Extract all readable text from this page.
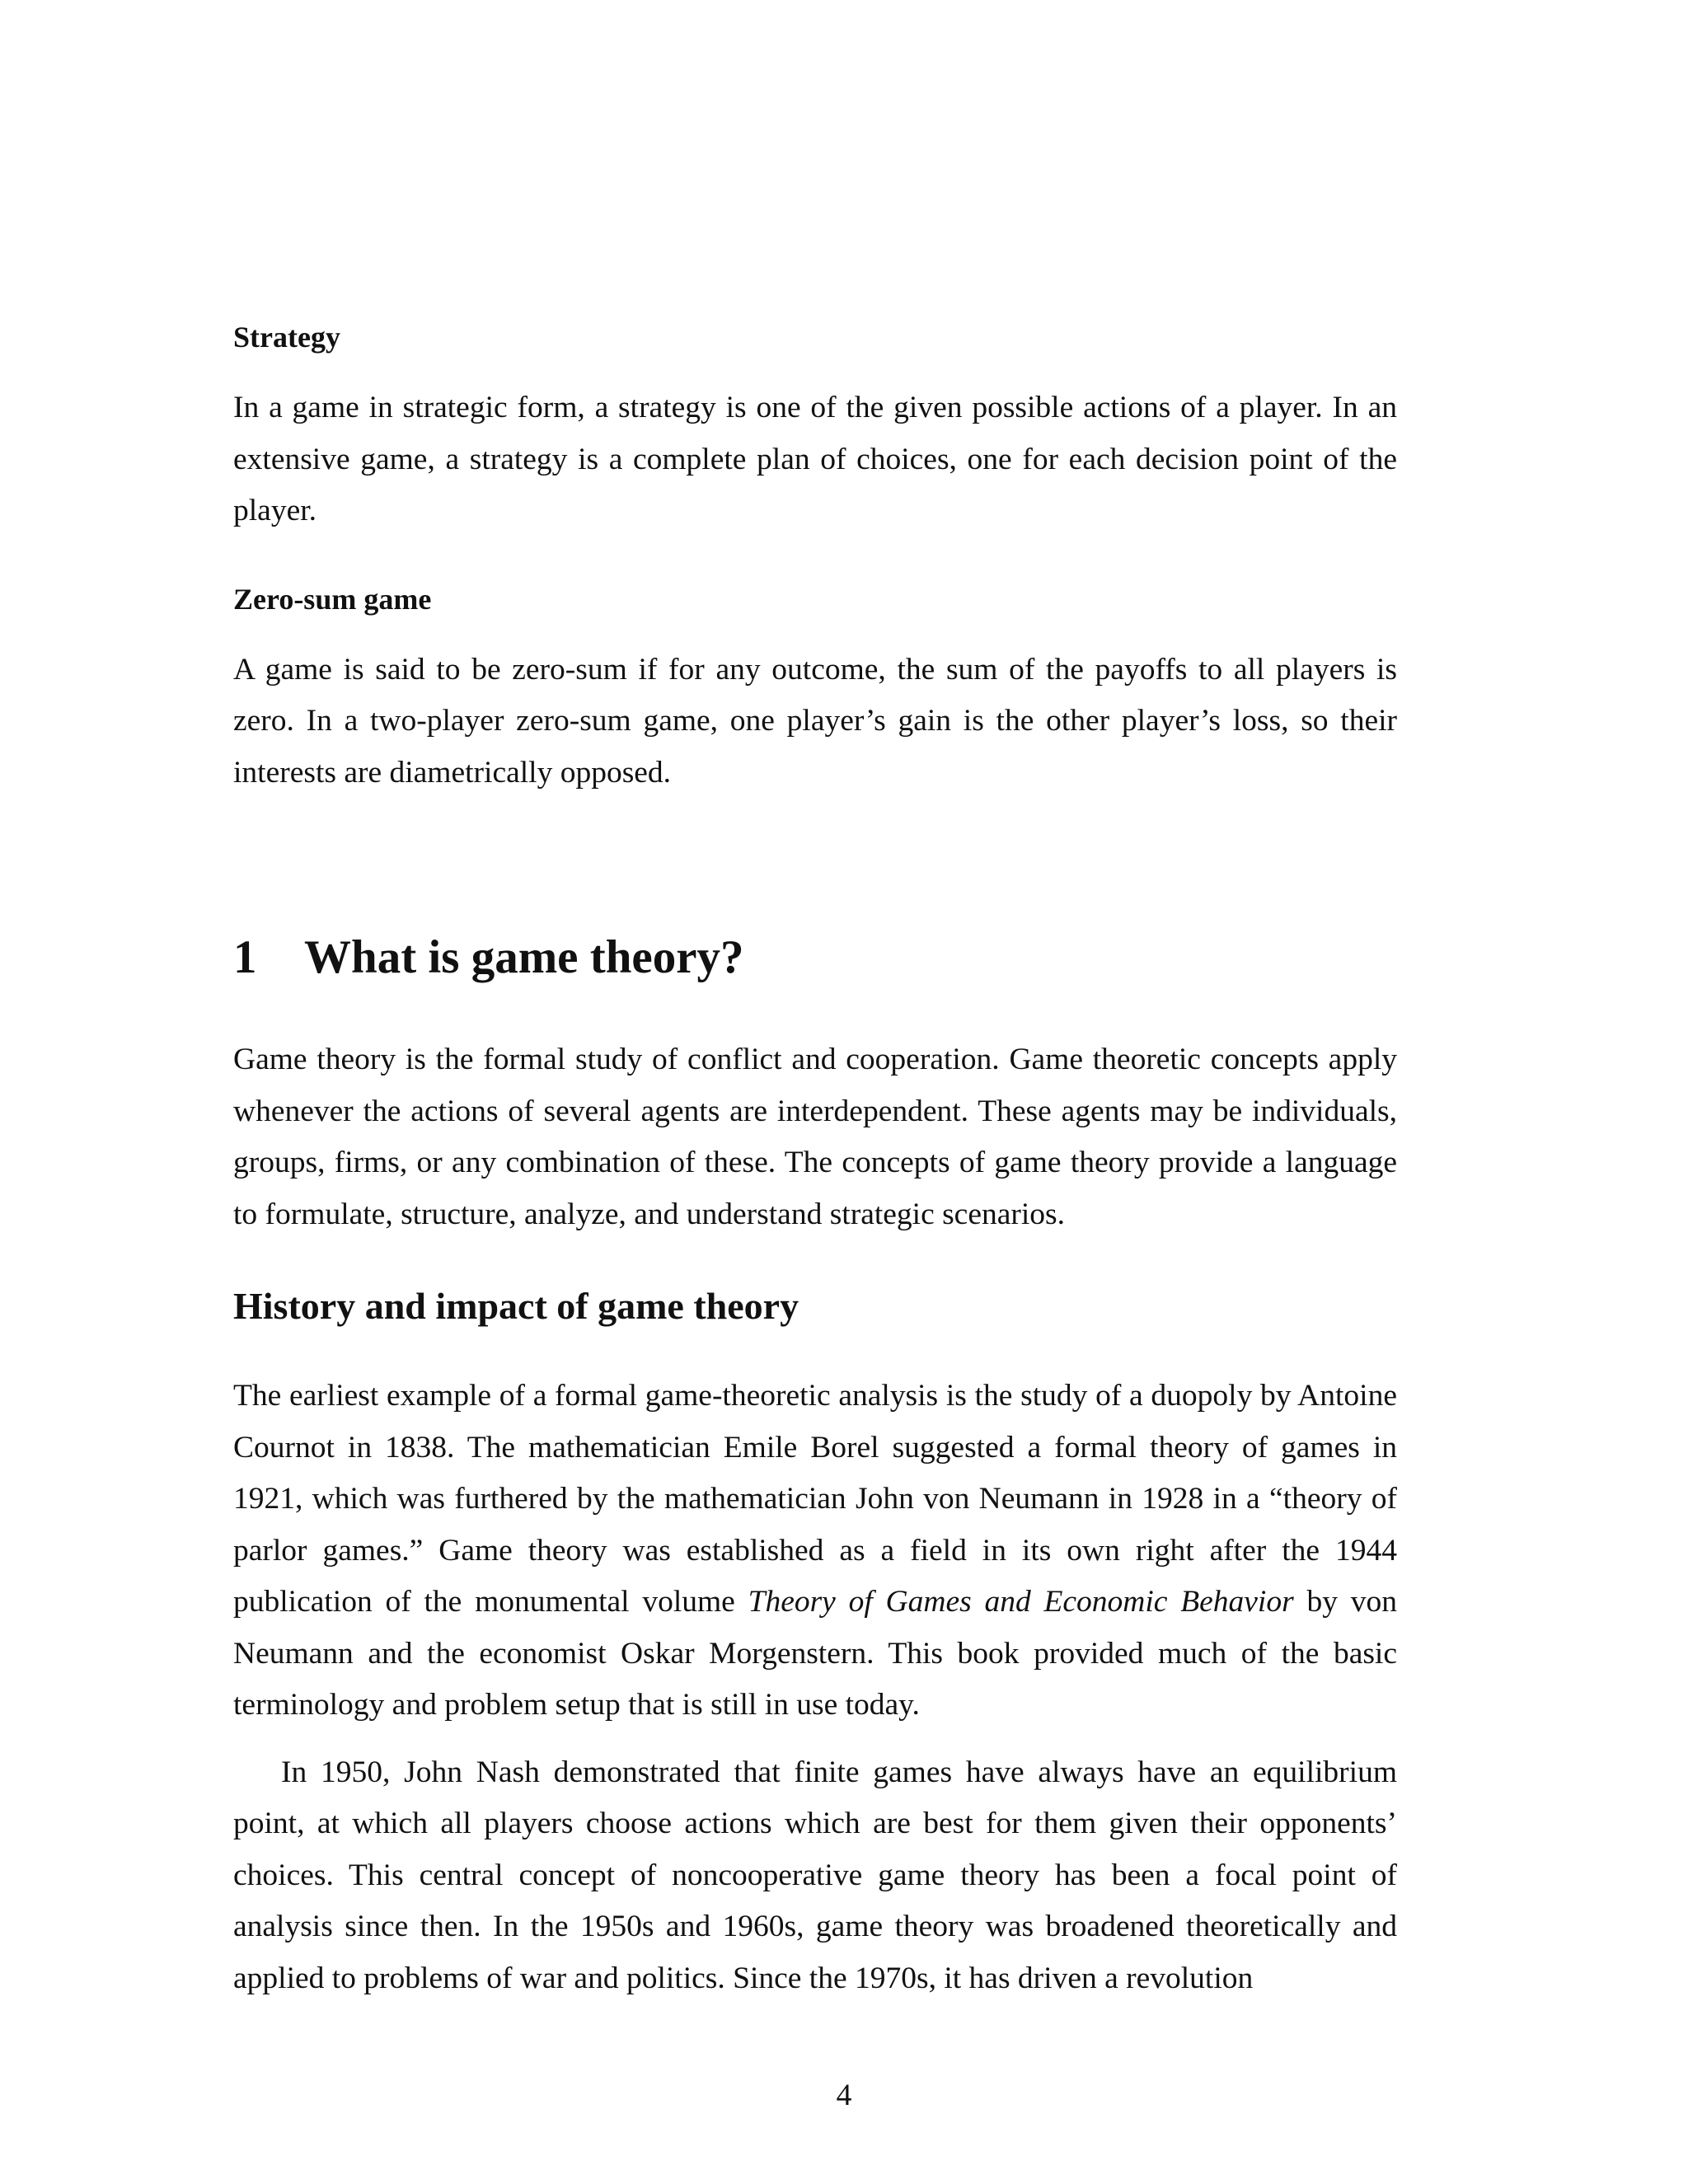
Strategy

In a game in strategic form, a strategy is one of the given possible actions of a player. In an extensive game, a strategy is a complete plan of choices, one for each decision point of the player.

Zero-sum game

A game is said to be zero-sum if for any outcome, the sum of the payoffs to all players is zero. In a two-player zero-sum game, one player’s gain is the other player’s loss, so their interests are diametrically opposed.

1	What is game theory?

Game theory is the formal study of conflict and cooperation. Game theoretic concepts apply whenever the actions of several agents are interdependent. These agents may be individuals, groups, firms, or any combination of these. The concepts of game theory provide a language to formulate, structure, analyze, and understand strategic scenarios.

History and impact of game theory

The earliest example of a formal game-theoretic analysis is the study of a duopoly by Antoine Cournot in 1838. The mathematician Emile Borel suggested a formal theory of games in 1921, which was furthered by the mathematician John von Neumann in 1928 in a “theory of parlor games.” Game theory was established as a field in its own right after the 1944 publication of the monumental volume Theory of Games and Economic Behavior by von Neumann and the economist Oskar Morgenstern. This book provided much of the basic terminology and problem setup that is still in use today.

In 1950, John Nash demonstrated that finite games have always have an equilibrium point, at which all players choose actions which are best for them given their opponents’ choices. This central concept of noncooperative game theory has been a focal point of analysis since then. In the 1950s and 1960s, game theory was broadened theoretically and applied to problems of war and politics. Since the 1970s, it has driven a revolution

4
